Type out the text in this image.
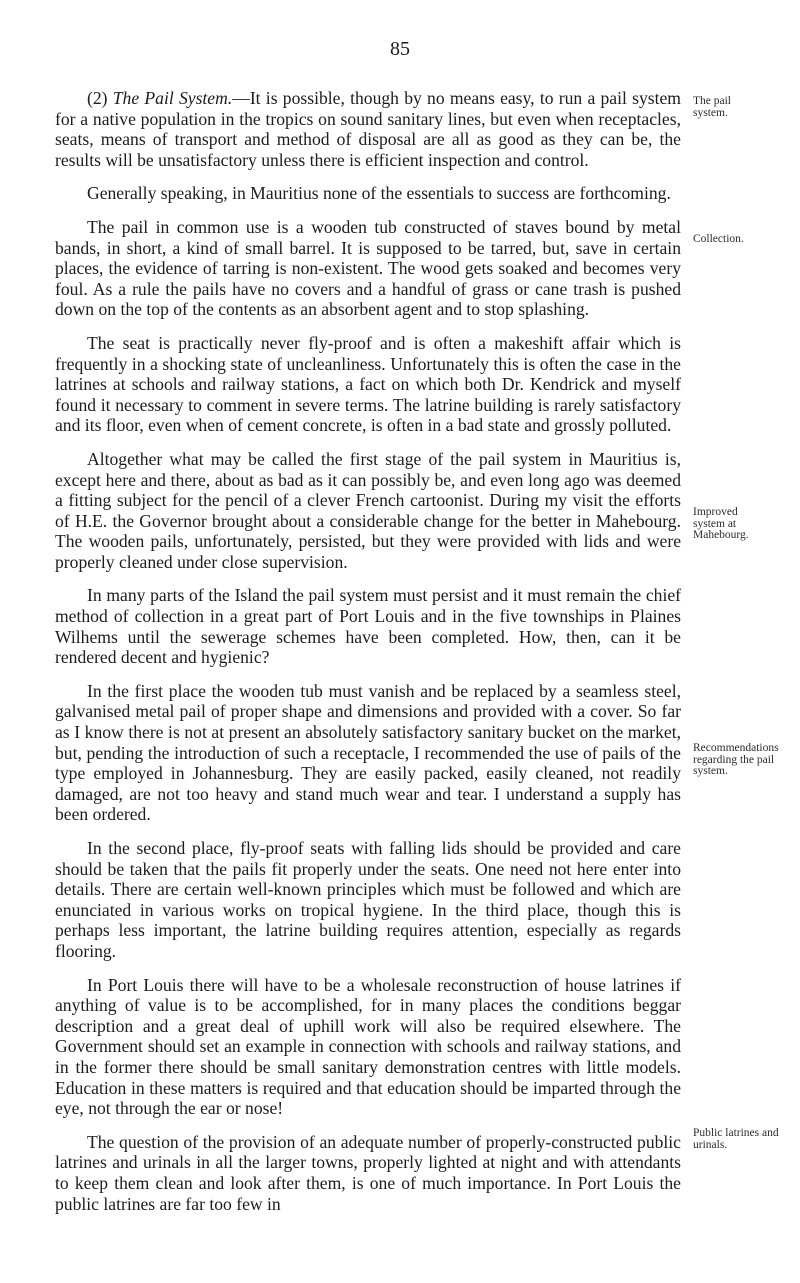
85

(2) The Pail System.—It is possible, though by no means easy, to run a pail system for a native population in the tropics on sound sanitary lines, but even when receptacles, seats, means of transport and method of disposal are all as good as they can be, the results will be unsatisfactory unless there is efficient inspection and control.

Generally speaking, in Mauritius none of the essentials to success are forthcoming.

The pail in common use is a wooden tub constructed of staves bound by metal bands, in short, a kind of small barrel. It is supposed to be tarred, but, save in certain places, the evidence of tarring is non-existent. The wood gets soaked and becomes very foul. As a rule the pails have no covers and a handful of grass or cane trash is pushed down on the top of the contents as an absorbent agent and to stop splashing.

The seat is practically never fly-proof and is often a makeshift affair which is frequently in a shocking state of uncleanliness. Unfortunately this is often the case in the latrines at schools and railway stations, a fact on which both Dr. Kendrick and myself found it necessary to comment in severe terms. The latrine building is rarely satisfactory and its floor, even when of cement concrete, is often in a bad state and grossly polluted.

Altogether what may be called the first stage of the pail system in Mauritius is, except here and there, about as bad as it can possibly be, and even long ago was deemed a fitting subject for the pencil of a clever French cartoonist. During my visit the efforts of H.E. the Governor brought about a considerable change for the better in Mahebourg. The wooden pails, unfortunately, persisted, but they were provided with lids and were properly cleaned under close supervision.

In many parts of the Island the pail system must persist and it must remain the chief method of collection in a great part of Port Louis and in the five townships in Plaines Wilhems until the sewerage schemes have been completed. How, then, can it be rendered decent and hygienic?

In the first place the wooden tub must vanish and be replaced by a seamless steel, galvanised metal pail of proper shape and dimensions and provided with a cover. So far as I know there is not at present an absolutely satisfactory sanitary bucket on the market, but, pending the introduction of such a receptacle, I recommended the use of pails of the type employed in Johannesburg. They are easily packed, easily cleaned, not readily damaged, are not too heavy and stand much wear and tear. I understand a supply has been ordered.

In the second place, fly-proof seats with falling lids should be provided and care should be taken that the pails fit properly under the seats. One need not here enter into details. There are certain well-known principles which must be followed and which are enunciated in various works on tropical hygiene. In the third place, though this is perhaps less important, the latrine building requires attention, especially as regards flooring.

In Port Louis there will have to be a wholesale reconstruction of house latrines if anything of value is to be accomplished, for in many places the conditions beggar description and a great deal of uphill work will also be required elsewhere. The Government should set an example in connection with schools and railway stations, and in the former there should be small sanitary demonstration centres with little models. Education in these matters is required and that education should be imparted through the eye, not through the ear or nose!

The question of the provision of an adequate number of properly-constructed public latrines and urinals in all the larger towns, properly lighted at night and with attendants to keep them clean and look after them, is one of much importance. In Port Louis the public latrines are far too few in

The pail system.
Collection.
Improved system at Mahebourg.
Recommendations regarding the pail system.
Public latrines and urinals.
